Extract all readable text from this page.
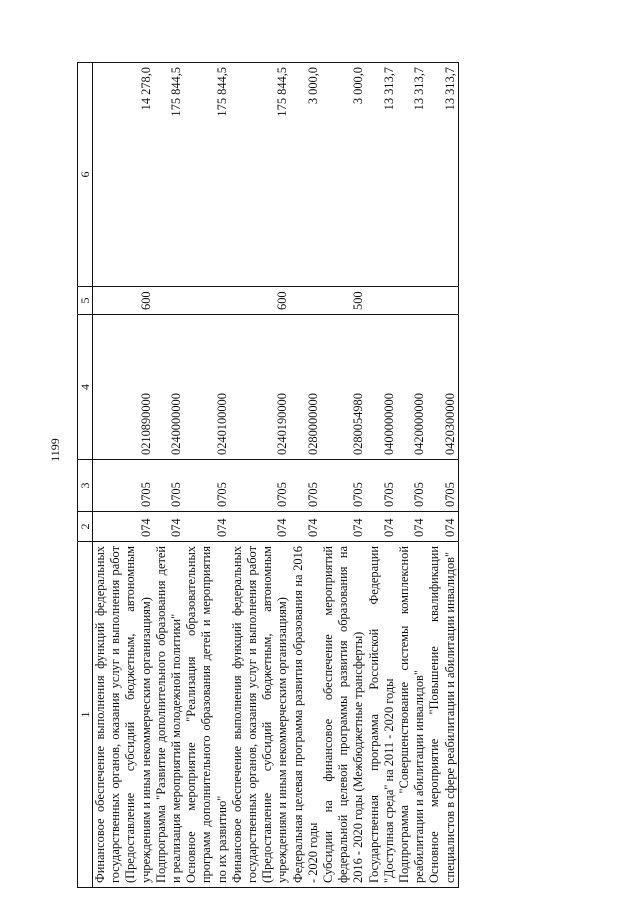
1199
1	2	3	4	5	6
Финансовое обеспечение выполнения функций федеральных государственных органов, оказания услуг и выполнения работ (Предоставление субсидий бюджетным, автономным учреждениям и иным некоммерческим организациям)	074	0705	0210890000	600	14 278,0
Подпрограмма "Развитие дополнительного образования детей и реализация мероприятий молодежной политики"	074	0705	0240000000		175 844,5
Основное мероприятие "Реализация образовательных программ дополнительного образования детей и мероприятия по их развитию"	074	0705	0240100000		175 844,5
Финансовое обеспечение выполнения функций федеральных государственных органов, оказания услуг и выполнения работ (Предоставление субсидий бюджетным, автономным учреждениям и иным некоммерческим организациям)	074	0705	0240190000	600	175 844,5
Федеральная целевая программа развития образования на 2016 - 2020 годы	074	0705	0280000000		3 000,0
Субсидии на финансовое обеспечение мероприятий федеральной целевой программы развития образования на 2016 - 2020 годы (Межбюджетные трансферты)	074	0705	0280054980	500	3 000,0
Государственная программа Российской Федерации "Доступная среда" на 2011 - 2020 годы	074	0705	0400000000		13 313,7
Подпрограмма "Совершенствование системы комплексной реабилитации и абилитации инвалидов"	074	0705	0420000000		13 313,7
Основное мероприятие "Повышение квалификации специалистов в сфере реабилитации и абилитации инвалидов"	074	0705	0420300000		13 313,7
